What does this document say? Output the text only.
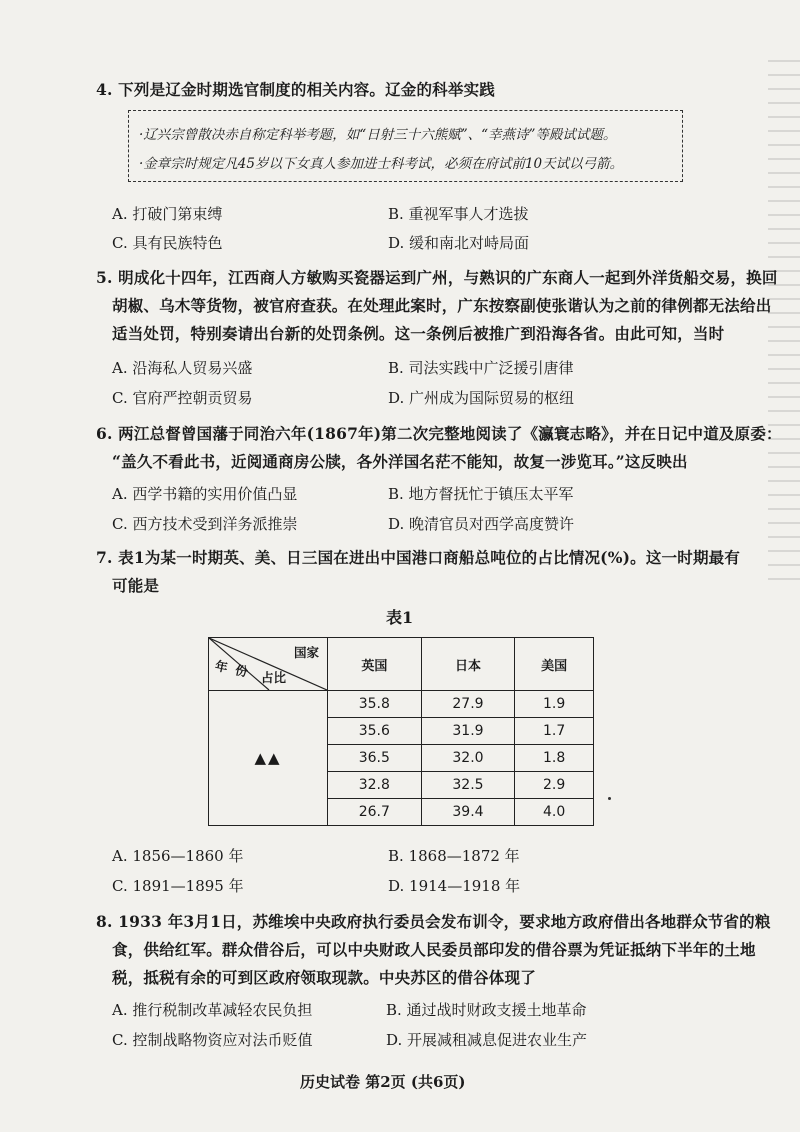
4. 下列是辽金时期选官制度的相关内容。辽金的科举实践
·辽兴宗曾散决赤自称定科举考题，如“日射三十六熊赋”、“幸燕诗”等殿试试题。
·金章宗时规定凡45岁以下女真人参加进士科考试，必须在府试前10天试以弓箭。
A. 打破门第束缚	B. 重视军事人才选拔
C. 具有民族特色	D. 缓和南北对峙局面
5. 明成化十四年，江西商人方敏购买瓷器运到广州，与熟识的广东商人一起到外洋货船交易，换回
胡椒、乌木等货物，被官府查获。在处理此案时，广东按察副使张谐认为之前的律例都无法给出
适当处罚，特别奏请出台新的处罚条例。这一条例后被推广到沿海各省。由此可知，当时
A. 沿海私人贸易兴盛	B. 司法实践中广泛援引唐律
C. 官府严控朝贡贸易	D. 广州成为国际贸易的枢纽
6. 两江总督曾国藩于同治六年(1867年)第二次完整地阅读了《瀛寰志略》，并在日记中道及原委：
“盖久不看此书，近阅通商房公牍，各外洋国名茫不能知，故复一涉览耳。”这反映出
A. 西学书籍的实用价值凸显	B. 地方督抚忙于镇压太平军
C. 西方技术受到洋务派推崇	D. 晚清官员对西学高度赞许
7. 表1为某一时期英、美、日三国在进出中国港口商船总吨位的占比情况(%)。这一时期最有
可能是
表1
国家
占比
年份	英国	日本	美国
▲▲	35.8	27.9	1.9
	35.6	31.9	1.7
	36.5	32.0	1.8
	32.8	32.5	2.9
	26.7	39.4	4.0
A. 1856—1860 年	B. 1868—1872 年
C. 1891—1895 年	D. 1914—1918 年
8. 1933 年3月1日，苏维埃中央政府执行委员会发布训令，要求地方政府借出各地群众节省的粮
食，供给红军。群众借谷后，可以中央财政人民委员部印发的借谷票为凭证抵纳下半年的土地
税，抵税有余的可到区政府领取现款。中央苏区的借谷体现了
A. 推行税制改革减轻农民负担	B. 通过战时财政支援土地革命
C. 控制战略物资应对法币贬值	D. 开展减租减息促进农业生产
历史试卷 第2页 (共6页)
